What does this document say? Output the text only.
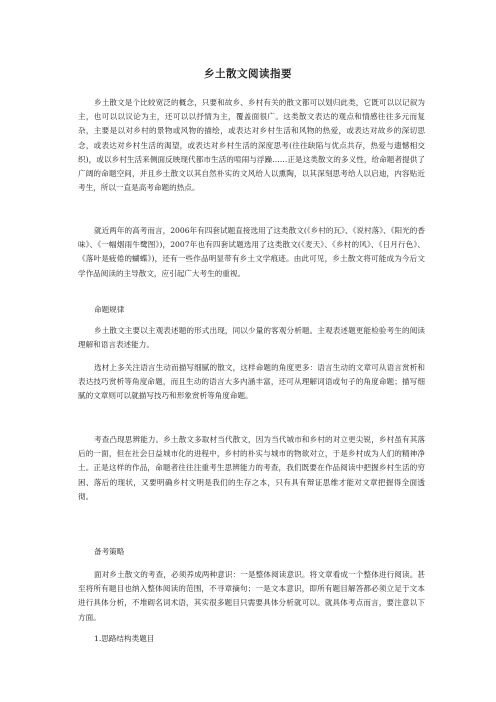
乡土散文阅读指要

乡土散文是个比较宽泛的概念，只要和故乡、乡村有关的散文都可以划归此类，它既可以以记叙为主，也可以以议论为主，还可以以抒情为主，覆盖面很广。这类散文表达的观点和情感往往多元而复杂，主要是以对乡村的景物或风物的描绘，或表达对乡村生活和风物的热爱，或表达对故乡的深切思念，或表达对乡村生活的渴望，或表达对乡村生活的深度思考(往往缺陷与优点共存，热爱与遗憾相交织)，或以乡村生活来侧面反映现代都市生活的喧闹与浮躁……正是这类散文的多义性，给命题者提供了广阔的命题空间，并且乡土散文以其自然朴实的文风给人以熏陶，以其深刻思考给人以启迪，内容贴近考生，所以一直是高考命题的热点。

就近两年的高考而言，2006年有四套试题直接选用了这类散文(《乡村的瓦》、《说村落》、《阳光的香味》、《一幅烟雨牛鹭图》)，2007年也有四套试题选用了这类散文(《麦天》、《乡村的风》、《日月行色》、《落叶是疲倦的蝴蝶》)，还有一些作品明显带有乡土文学痕迹。由此可见，乡土散文将可能成为今后文学作品阅读的主导散文，应引起广大考生的重视。

命题规律

乡土散文主要以主观表述题的形式出现，同以少量的客观分析题。主观表述题更能检验考生的阅读理解和语言表述能力。

选材上多关注语言生动而描写细腻的散文，这样命题的角度更多：语言生动的文章可从语言赏析和表达技巧赏析等角度命题，而且生动的语言大多内涵丰富，还可从理解词语或句子的角度命题；描写细腻的文章则可以就描写技巧和形象赏析等角度命题。

考查凸现思辨能力。乡土散文多取材当代散文，因为当代城市和乡村的对立更尖锐，乡村虽有其落后的一面，但在社会日益城市化的进程中，乡村的朴实与城市的物欲对立，于是乡村成为人们的精神净土。正是这样的作品，命题者往往注重考生思辨能力的考查，我们既要在作品阅读中把握乡村生活的穷困、落后的现状，又要明确乡村文明是我们的生存之本，只有具有辩证思维才能对文章把握得全面透彻。

备考策略

面对乡土散文的考查，必须养成两种意识：一是整体阅读意识。将文章看成一个整体进行阅读。甚至将所有题目也纳入整体阅读的范围，不寻章摘句；一是文本意识，即所有题目解答都必须立足于文本进行具体分析，不堆砌名词术语，其实很多题目只需要具体分析就可以。就具体考点而言，要注意以下方面。

1.思路结构类题目
